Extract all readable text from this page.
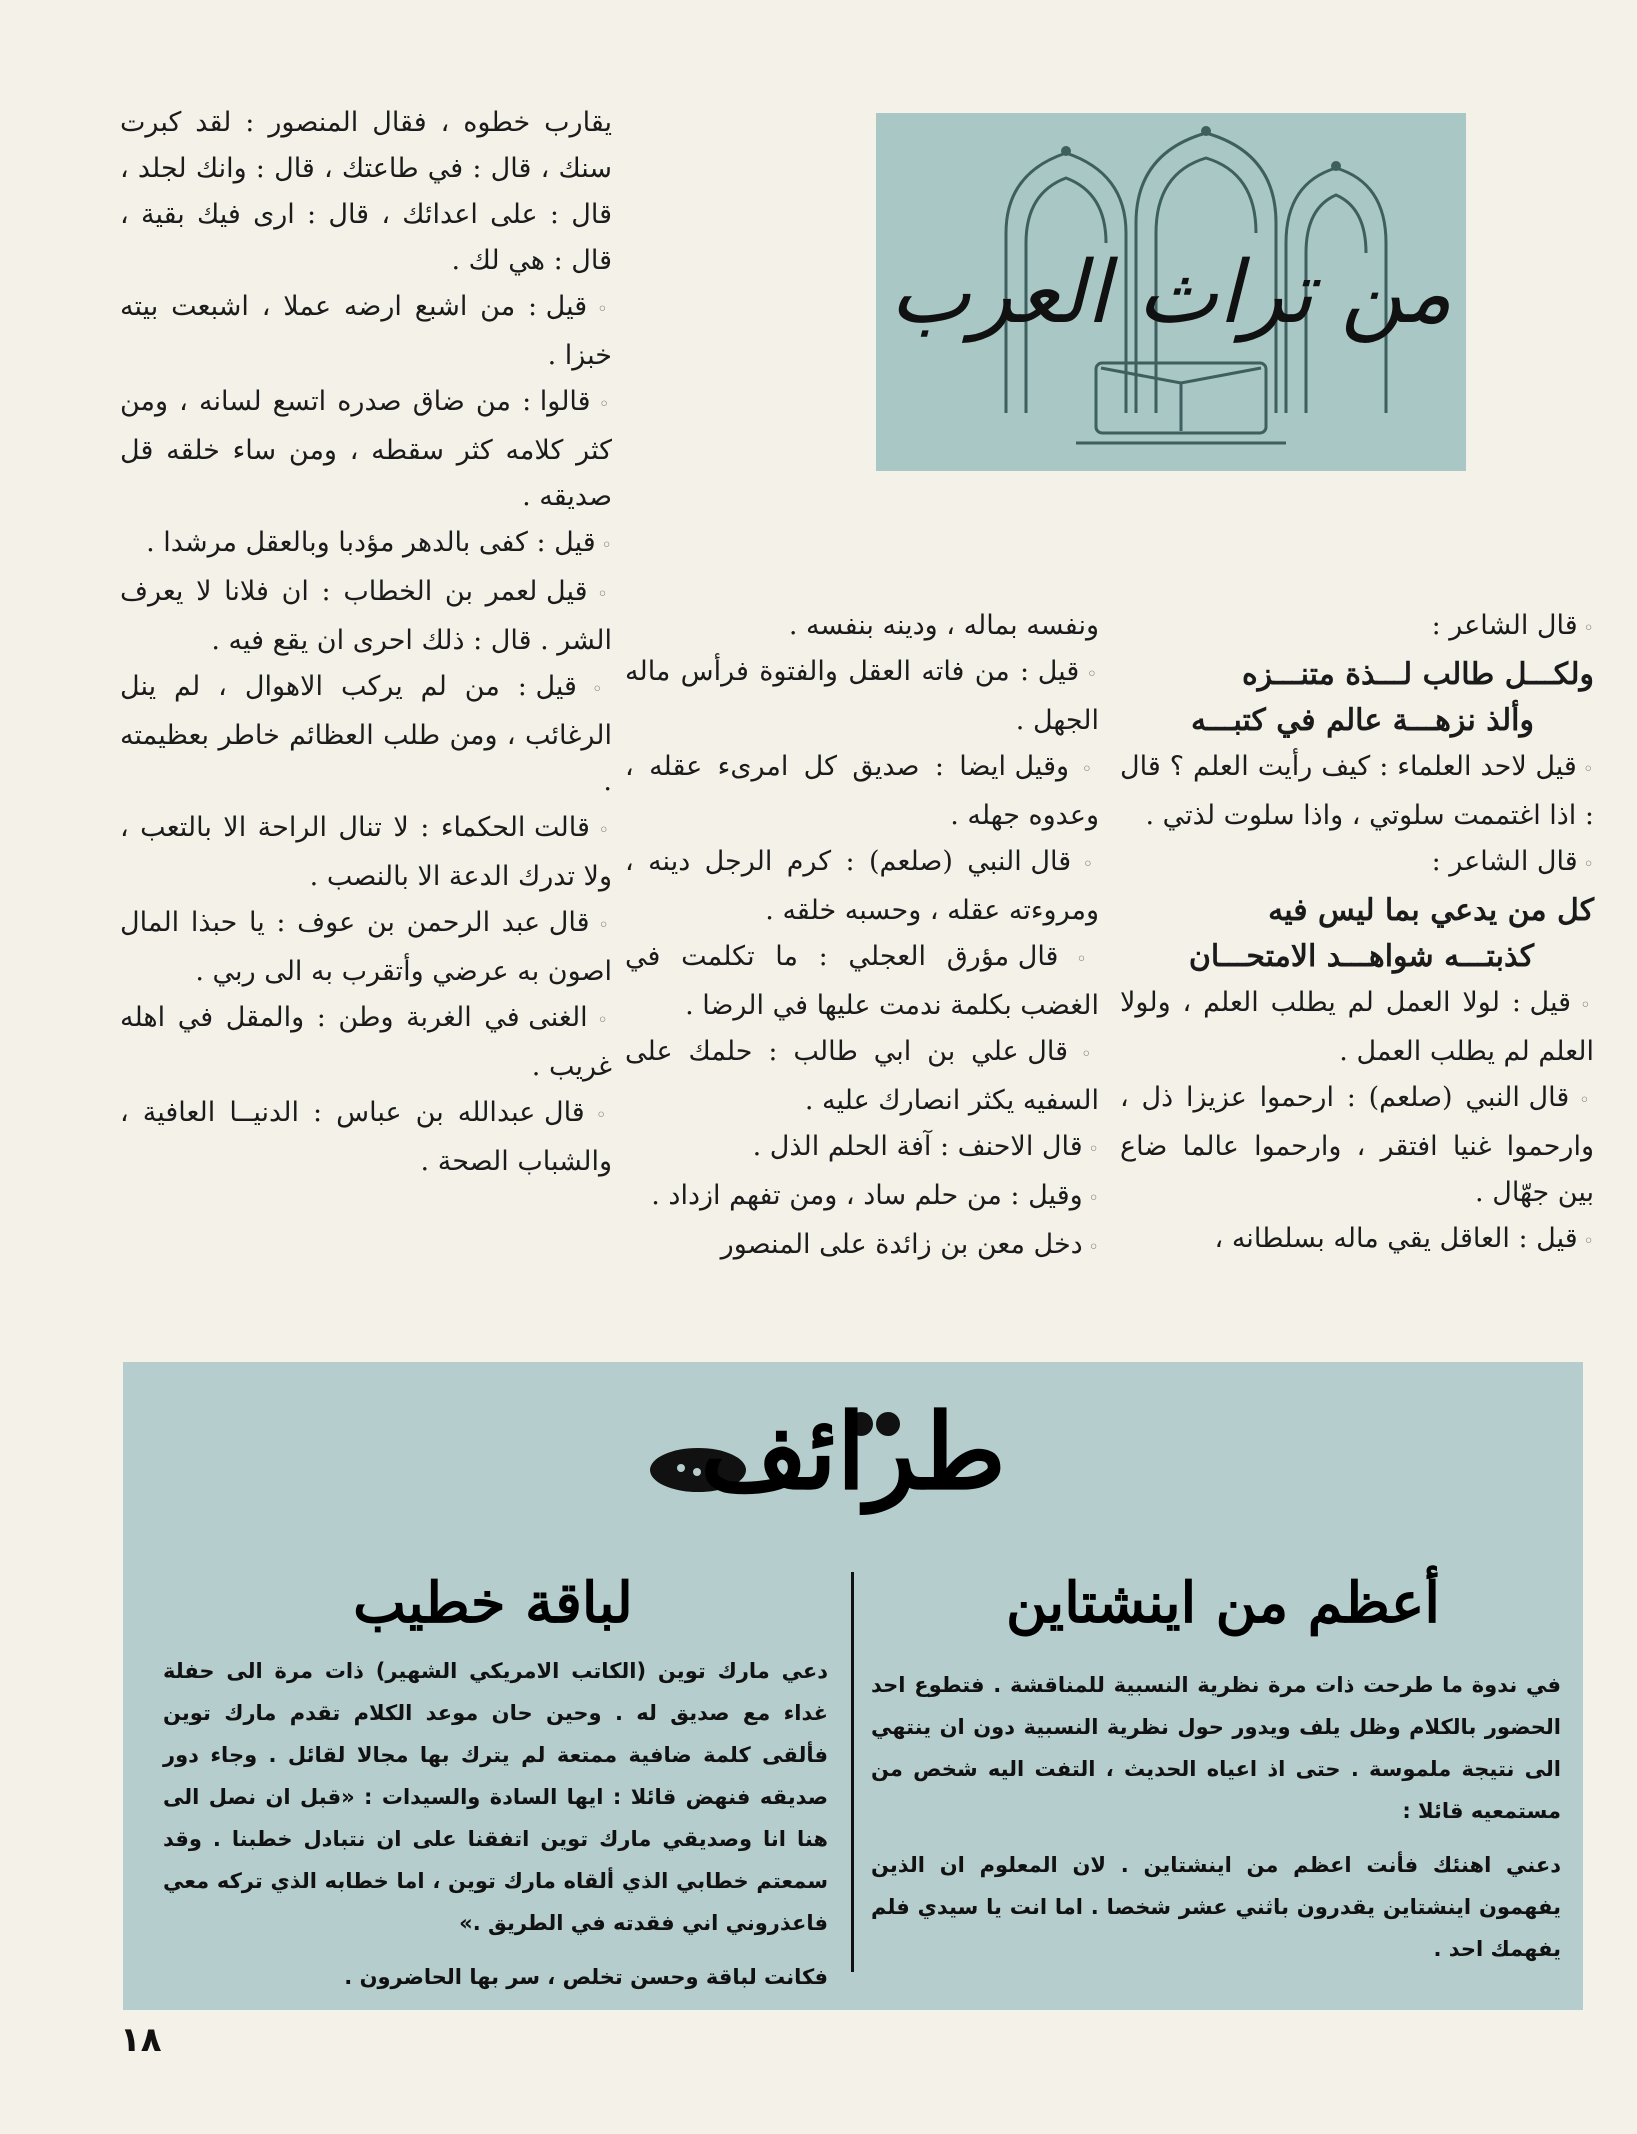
من تراث العرب

يقارب خطوه ، فقال المنصور : لقد كبرت سنك ، قال : في طاعتك ، قال : وانك لجلد ، قال : على اعدائك ، قال : ارى فيك بقية ، قال : هي لك .

◦ قيل : من اشبع ارضه عملا ، اشبعت بيته خبزا .

◦ قالوا : من ضاق صدره اتسع لسانه ، ومن كثر كلامه كثر سقطه ، ومن ساء خلقه قل صديقه .

◦ قيل : كفى بالدهر مؤدبا وبالعقل مرشدا .

◦ قيل لعمر بن الخطاب : ان فلانا لا يعرف الشر . قال : ذلك احرى ان يقع فيه .

◦ قيل : من لم يركب الاهوال ، لم ينل الرغائب ، ومن طلب العظائم خاطر بعظيمته .

◦ قالت الحكماء : لا تنال الراحة الا بالتعب ، ولا تدرك الدعة الا بالنصب .

◦ قال عبد الرحمن بن عوف : يا حبذا المال اصون به عرضي وأتقرب به الى ربي .

◦ الغنى في الغربة وطن : والمقل في اهله غريب .

◦ قال عبدالله بن عباس : الدنيــا العافية ، والشباب الصحة .

ونفسه بماله ، ودينه بنفسه .

◦ قيل : من فاته العقل والفتوة فرأس ماله الجهل .

◦ وقيل ايضا : صديق كل امرىء عقله ، وعدوه جهله .

◦ قال النبي (صلعم) : كرم الرجل دينه ، ومروءته عقله ، وحسبه خلقه .

◦ قال مؤرق العجلي : ما تكلمت في الغضب بكلمة ندمت عليها في الرضا .

◦ قال علي بن ابي طالب : حلمك على السفيه يكثر انصارك عليه .

◦ قال الاحنف : آفة الحلم الذل .

◦ وقيل : من حلم ساد ، ومن تفهم ازداد .

◦ دخل معن بن زائدة على المنصور

◦ قال الشاعر :

ولكـــل طالب لـــذة متنـــزه

وألذ نزهـــة عالم في كتبـــه

◦ قيل لاحد العلماء : كيف رأيت العلم ؟ قال : اذا اغتممت سلوتي ، واذا سلوت لذتي .

◦ قال الشاعر :

كل من يدعي بما ليس فيه

كذبتـــه شواهـــد الامتحـــان

◦ قيل : لولا العمل لم يطلب العلم ، ولولا العلم لم يطلب العمل .

◦ قال النبي (صلعم) : ارحموا عزيزا ذل ، وارحموا غنيا افتقر ، وارحموا عالما ضاع بين جهّال .

◦ قيل : العاقل يقي ماله بسلطانه ،

طرائف
أعظم من اينشتاين

في ندوة ما طرحت ذات مرة نظرية النسبية للمناقشة . فتطوع احد الحضور بالكلام وظل يلف ويدور حول نظرية النسبية دون ان ينتهي الى نتيجة ملموسة . حتى اذ اعياه الحديث ، التفت اليه شخص من مستمعيه قائلا :

دعني اهنئك فأنت اعظم من اينشتاين . لان المعلوم ان الذين يفهمون اينشتاين يقدرون باثني عشر شخصا . اما انت يا سيدي فلم يفهمك احد .

لباقة خطيب

دعي مارك توين (الكاتب الامريكي الشهير) ذات مرة الى حفلة غداء مع صديق له . وحين حان موعد الكلام تقدم مارك توين فألقى كلمة ضافية ممتعة لم يترك بها مجالا لقائل . وجاء دور صديقه فنهض قائلا : ايها السادة والسيدات : «قبل ان نصل الى هنا انا وصديقي مارك توين اتفقنا على ان نتبادل خطبنا . وقد سمعتم خطابي الذي ألقاه مارك توين ، اما خطابه الذي تركه معي فاعذروني اني فقدته في الطريق .»

فكانت لباقة وحسن تخلص ، سر بها الحاضرون .

١٨
